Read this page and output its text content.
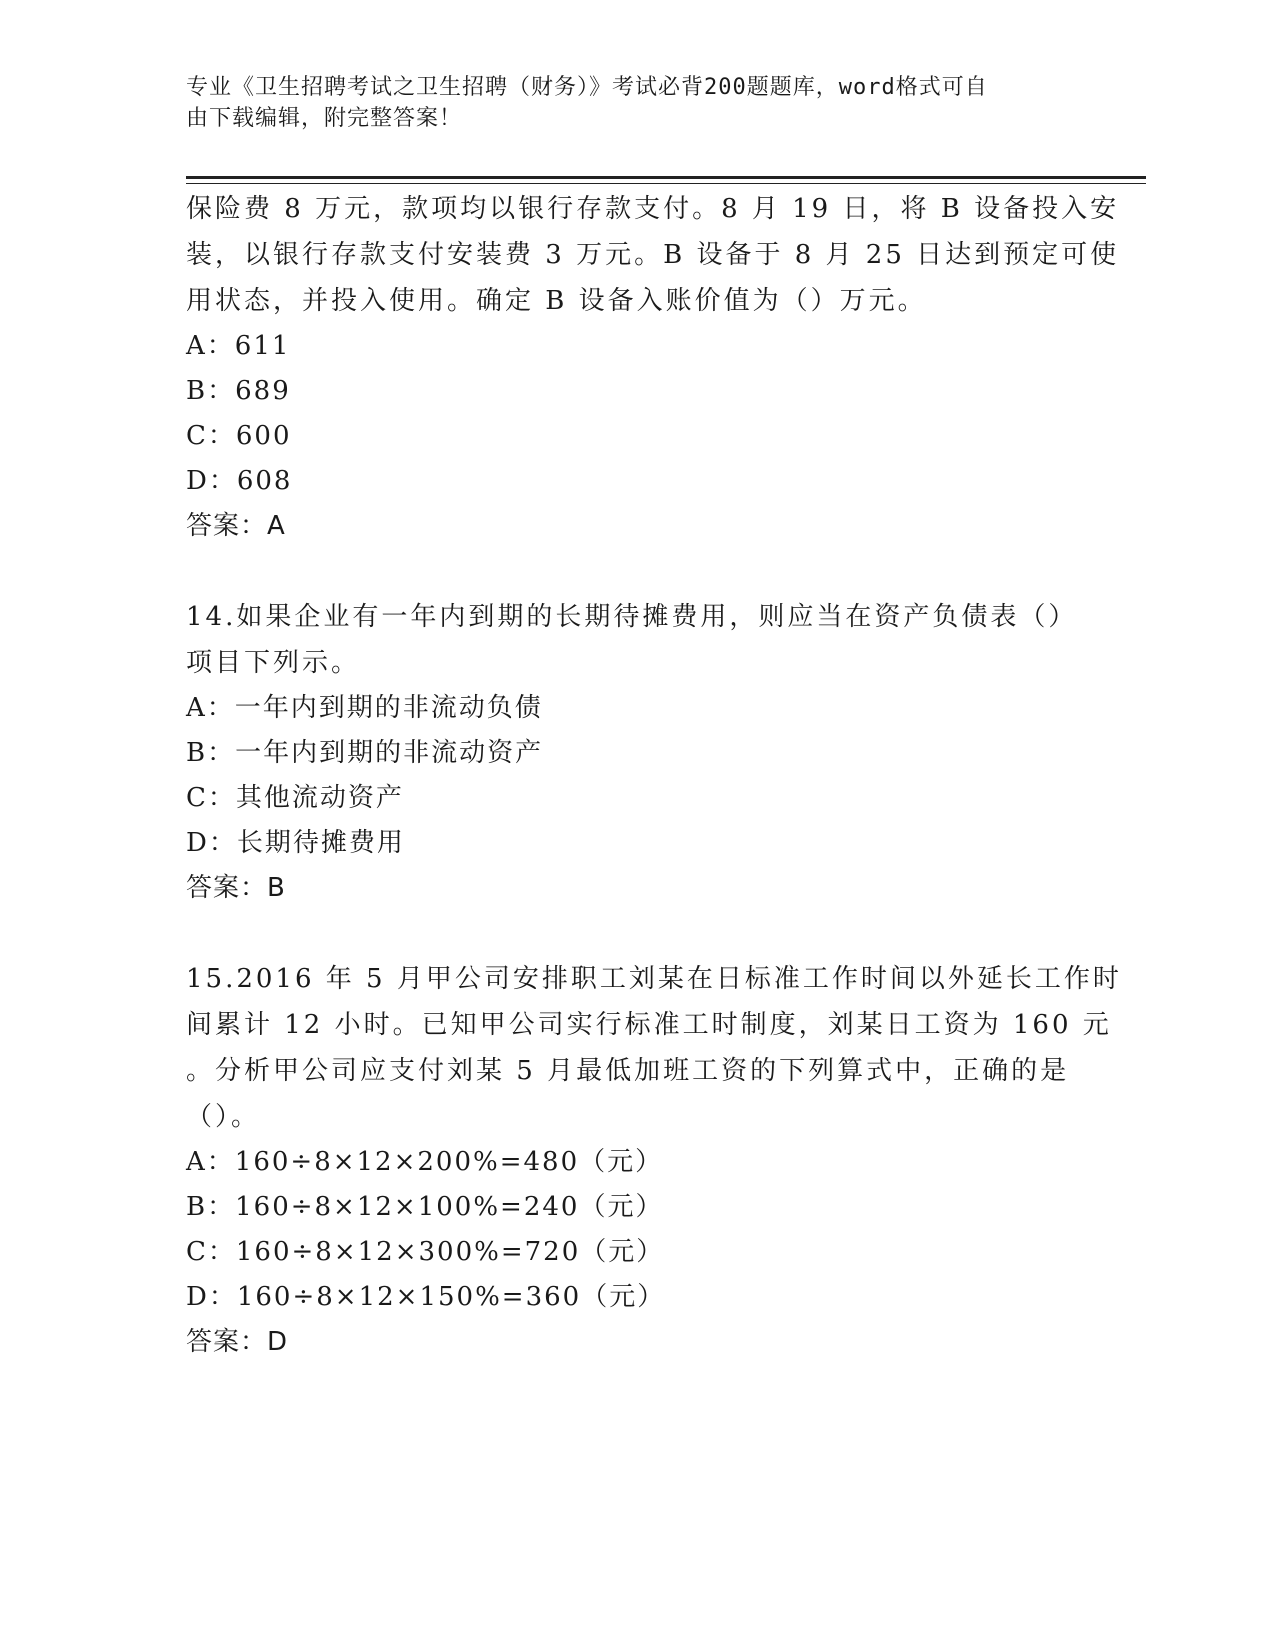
专业《卫生招聘考试之卫生招聘（财务）》考试必背200题题库，word格式可自
由下载编辑，附完整答案！
保险费 8 万元，款项均以银行存款支付。8 月 19 日，将 B 设备投入安
装，以银行存款支付安装费 3 万元。B 设备于 8 月 25 日达到预定可使
用状态，并投入使用。确定 B 设备入账价值为（）万元。
A：611
B：689
C：600
D：608
答案：A
14.如果企业有一年内到期的长期待摊费用，则应当在资产负债表（）
项目下列示。
A：一年内到期的非流动负债
B：一年内到期的非流动资产
C：其他流动资产
D：长期待摊费用
答案：B
15.2016 年 5 月甲公司安排职工刘某在日标准工作时间以外延长工作时
间累计 12 小时。已知甲公司实行标准工时制度，刘某日工资为 160 元
。分析甲公司应支付刘某 5 月最低加班工资的下列算式中，正确的是
（）。
A：160÷8×12×200%=480（元）
B：160÷8×12×100%=240（元）
C：160÷8×12×300%=720（元）
D：160÷8×12×150%=360（元）
答案：D
